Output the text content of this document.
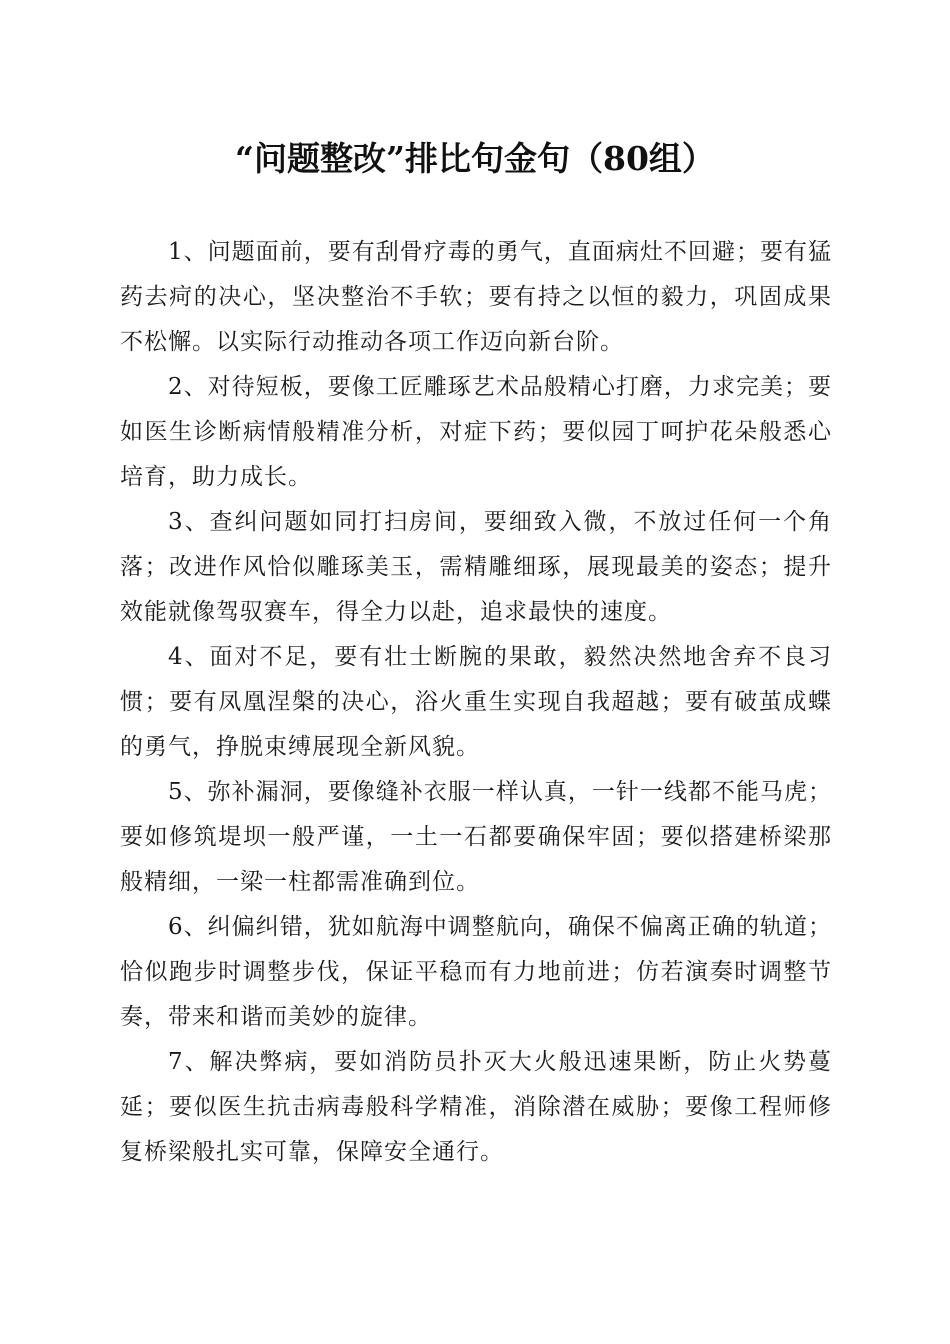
“问题整改”排比句金句（80组）

1、问题面前，要有刮骨疗毒的勇气，直面病灶不回避；要有猛药去疴的决心，坚决整治不手软；要有持之以恒的毅力，巩固成果不松懈。以实际行动推动各项工作迈向新台阶。

2、对待短板，要像工匠雕琢艺术品般精心打磨，力求完美；要如医生诊断病情般精准分析，对症下药；要似园丁呵护花朵般悉心培育，助力成长。

3、查纠问题如同打扫房间，要细致入微，不放过任何一个角落；改进作风恰似雕琢美玉，需精雕细琢，展现最美的姿态；提升效能就像驾驭赛车，得全力以赴，追求最快的速度。

4、面对不足，要有壮士断腕的果敢，毅然决然地舍弃不良习惯；要有凤凰涅槃的决心，浴火重生实现自我超越；要有破茧成蝶的勇气，挣脱束缚展现全新风貌。

5、弥补漏洞，要像缝补衣服一样认真，一针一线都不能马虎；要如修筑堤坝一般严谨，一土一石都要确保牢固；要似搭建桥梁那般精细，一梁一柱都需准确到位。

6、纠偏纠错，犹如航海中调整航向，确保不偏离正确的轨道；恰似跑步时调整步伐，保证平稳而有力地前进；仿若演奏时调整节奏，带来和谐而美妙的旋律。

7、解决弊病，要如消防员扑灭大火般迅速果断，防止火势蔓延；要似医生抗击病毒般科学精准，消除潜在威胁；要像工程师修复桥梁般扎实可靠，保障安全通行。
